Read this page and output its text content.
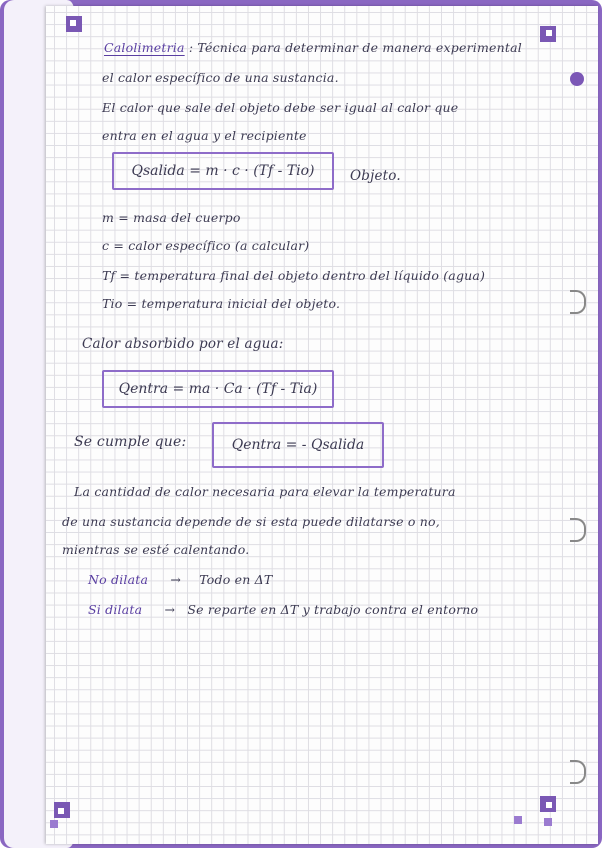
Calolimetria : Técnica para determinar de manera experimental
el calor específico de una sustancia.
El calor que sale del objeto debe ser igual al calor que
entra en el agua y el recipiente
Qsalida = m · c · (Tf - Tio)	Objeto.
m = masa del cuerpo
c = calor específico (a calcular)
Tf = temperatura final del objeto dentro del líquido (agua)
Tio = temperatura inicial del objeto.
Calor absorbido por el agua:
Qentra = ma · Ca · (Tf - Tia)
Se cumple que:	Qentra = - Qsalida
La cantidad de calor necesaria para elevar la temperatura
de una sustancia depende de si esta puede dilatarse o no,
mientras se esté calentando.
No dilata → Todo en ΔT
Si dilata → Se reparte en ΔT y trabajo contra el entorno
